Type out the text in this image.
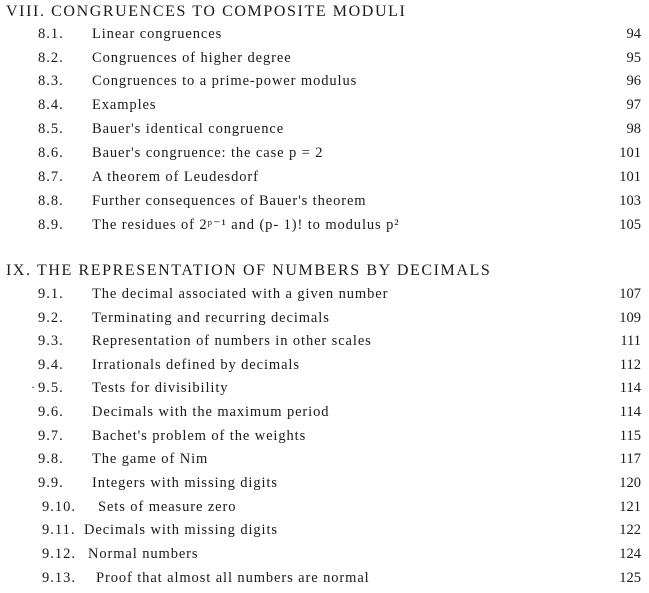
VIII. CONGRUENCES TO COMPOSITE MODULI
8.1. Linear congruences	94
8.2. Congruences of higher degree	95
8.3. Congruences to a prime-power modulus	96
8.4. Examples	97
8.5. Bauer's identical congruence	98
8.6. Bauer's congruence: the case p = 2	101
8.7. A theorem of Leudesdorf	101
8.8. Further consequences of Bauer's theorem	103
8.9. The residues of 2ᵖ⁻¹ and (p- 1)! to modulus p²	105
IX. THE REPRESENTATION OF NUMBERS BY DECIMALS
9.1. The decimal associated with a given number	107
9.2. Terminating and recurring decimals	109
9.3. Representation of numbers in other scales	111
9.4. Irrationals defined by decimals	112
· 9.5. Tests for divisibility	114
9.6. Decimals with the maximum period	114
9.7. Bachet's problem of the weights	115
9.8. The game of Nim	117
9.9. Integers with missing digits	120
9.10. Sets of measure zero	121
9.11. Decimals with missing digits	122
9.12. Normal numbers	124
9.13. Proof that almost all numbers are normal	125
